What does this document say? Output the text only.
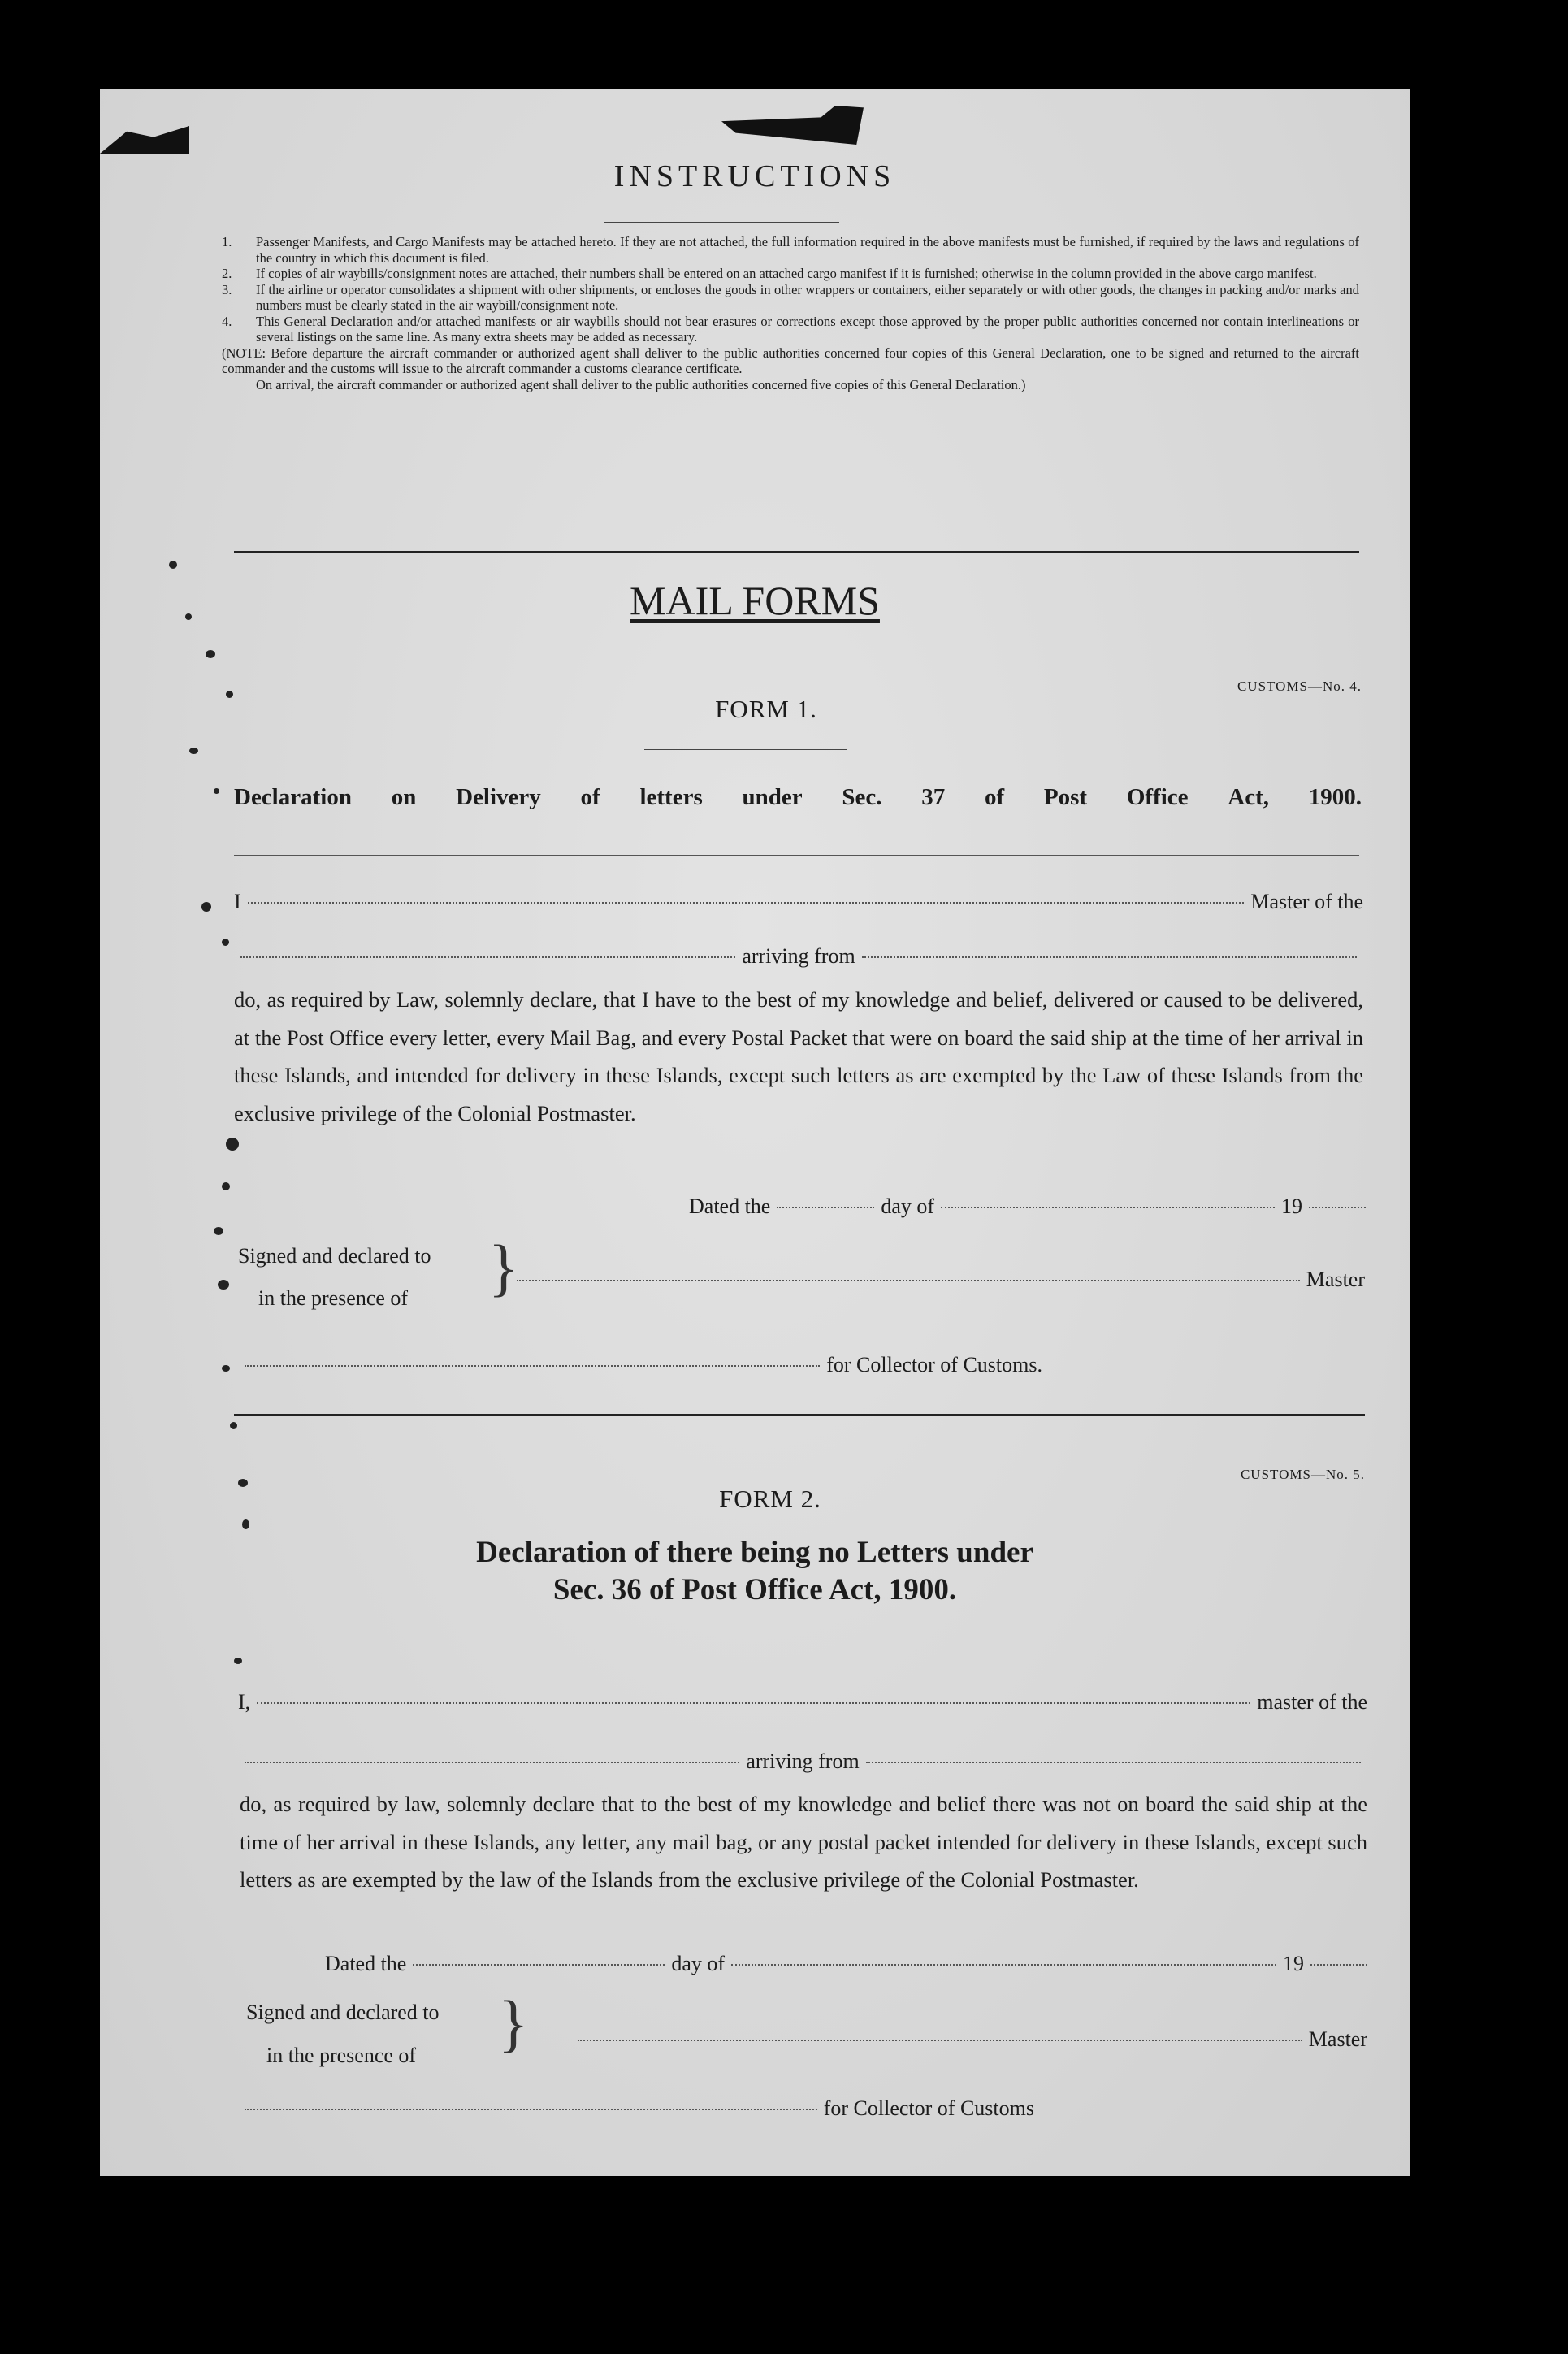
INSTRUCTIONS
1.	Passenger Manifests, and Cargo Manifests may be attached hereto. If they are not attached, the full information required in the above manifests must be furnished, if required by the laws and regulations of the country in which this document is filed.
2.	If copies of air waybills/consignment notes are attached, their numbers shall be entered on an attached cargo manifest if it is furnished; otherwise in the column provided in the above cargo manifest.
3.	If the airline or operator consolidates a shipment with other shipments, or encloses the goods in other wrappers or containers, either separately or with other goods, the changes in packing and/or marks and numbers must be clearly stated in the air waybill/consignment note.
4.	This General Declaration and/or attached manifests or air waybills should not bear erasures or corrections except those approved by the proper public authorities concerned nor contain interlineations or several listings on the same line. As many extra sheets may be added as necessary.
(NOTE: Before departure the aircraft commander or authorized agent shall deliver to the public authorities concerned four copies of this General Declaration, one to be signed and returned to the aircraft commander and the customs will issue to the aircraft commander a customs clearance certificate.
On arrival, the aircraft commander or authorized agent shall deliver to the public authorities concerned five copies of this General Declaration.)
MAIL FORMS
CUSTOMS—No. 4.
FORM 1.
Declaration on Delivery of letters under Sec. 37 of Post Office Act, 1900.
I	Master of the
arriving from
do, as required by Law, solemnly declare, that I have to the best of my knowledge and belief, delivered or caused to be delivered, at the Post Office every letter, every Mail Bag, and every Postal Packet that were on board the said ship at the time of her arrival in these Islands, and intended for delivery in these Islands, except such letters as are exempted by the Law of these Islands from the exclusive privilege of the Colonial Postmaster.
Dated the	day of	19
Signed and declared to
in the presence of	}	Master
for Collector of Customs.
CUSTOMS—No. 5.
FORM 2.
Declaration of there being no Letters under
Sec. 36 of Post Office Act, 1900.
I,	master of the
arriving from
do, as required by law, solemnly declare that to the best of my knowledge and belief there was not on board the said ship at the time of her arrival in these Islands, any letter, any mail bag, or any postal packet intended for delivery in these Islands, except such letters as are exempted by the law of the Islands from the exclusive privilege of the Colonial Postmaster.
Dated the	day of	19
Signed and declared to
in the presence of	}	Master
for Collector of Customs
